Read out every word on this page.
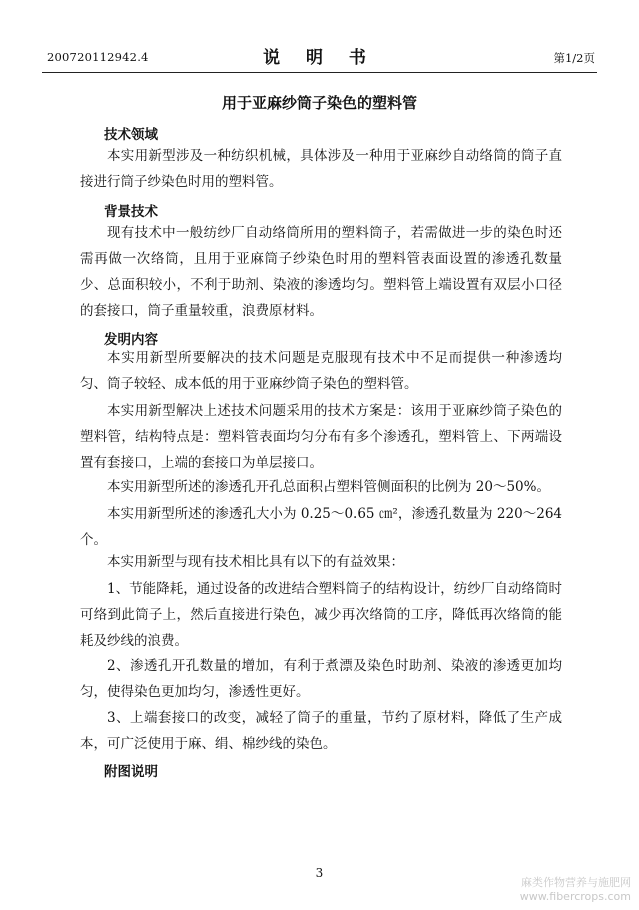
200720112942.4	说 明 书	第1/2页
用于亚麻纱筒子染色的塑料管
技术领域
本实用新型涉及一种纺织机械，具体涉及一种用于亚麻纱自动络筒的筒子直接进行筒子纱染色时用的塑料管。
背景技术
现有技术中一般纺纱厂自动络筒所用的塑料筒子，若需做进一步的染色时还需再做一次络筒，且用于亚麻筒子纱染色时用的塑料管表面设置的渗透孔数量少、总面积较小，不利于助剂、染液的渗透均匀。塑料管上端设置有双层小口径的套接口，筒子重量较重，浪费原材料。
发明内容
本实用新型所要解决的技术问题是克服现有技术中不足而提供一种渗透均匀、筒子较轻、成本低的用于亚麻纱筒子染色的塑料管。
本实用新型解决上述技术问题采用的技术方案是：该用于亚麻纱筒子染色的塑料管，结构特点是：塑料管表面均匀分布有多个渗透孔，塑料管上、下两端设置有套接口，上端的套接口为单层接口。
本实用新型所述的渗透孔开孔总面积占塑料管侧面积的比例为 20～50%。
本实用新型所述的渗透孔大小为 0.25～0.65 ㎝²，渗透孔数量为 220～264 个。
本实用新型与现有技术相比具有以下的有益效果：
1、节能降耗，通过设备的改进结合塑料筒子的结构设计，纺纱厂自动络筒时可络到此筒子上，然后直接进行染色，减少再次络筒的工序，降低再次络筒的能耗及纱线的浪费。
2、渗透孔开孔数量的增加，有利于煮漂及染色时助剂、染液的渗透更加均匀，使得染色更加均匀，渗透性更好。
3、上端套接口的改变，减轻了筒子的重量，节约了原材料，降低了生产成本，可广泛使用于麻、绢、棉纱线的染色。
附图说明
3
麻类作物营养与施肥网
www.fibercrops.com
